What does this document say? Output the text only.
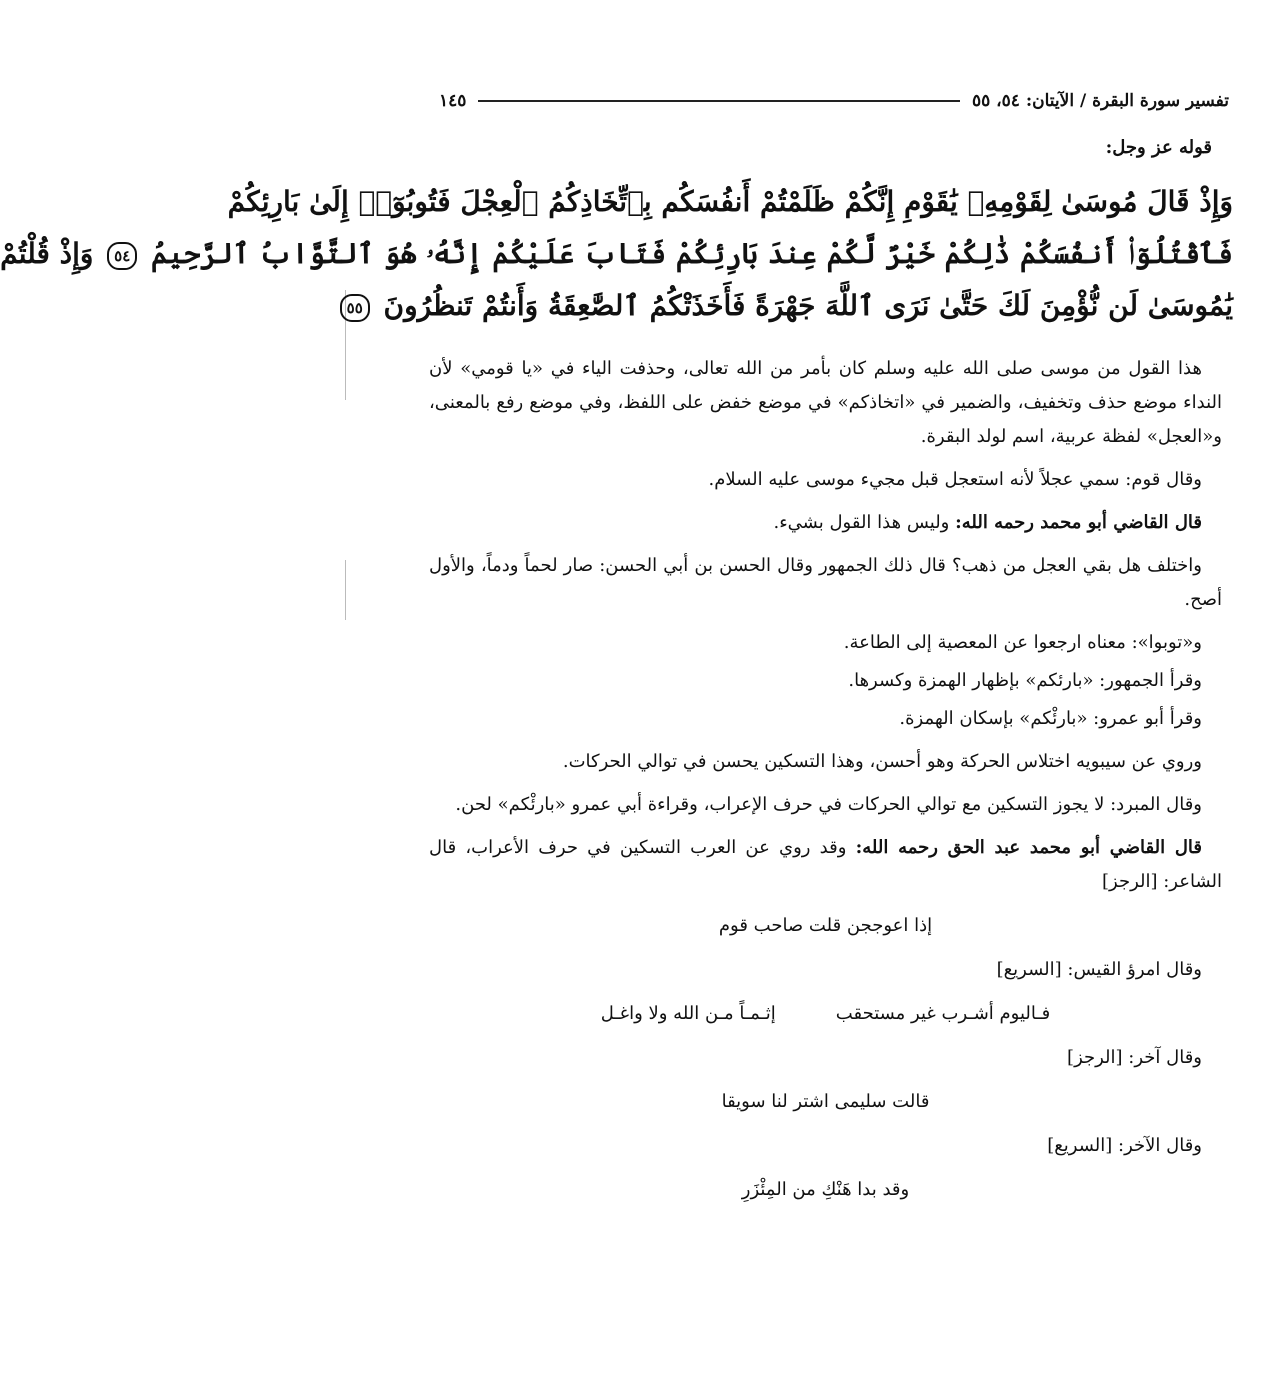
تفسير سورة البقرة / الآيتان: ٥٤، ٥٥
١٤٥
قوله عز وجل:
وَإِذْ قَالَ مُوسَىٰ لِقَوْمِهِۦ يَٰقَوْمِ إِنَّكُمْ ظَلَمْتُمْ أَنفُسَكُم بِٱتِّخَاذِكُمُ ٱلْعِجْلَ فَتُوبُوٓا۟ إِلَىٰ بَارِئِكُمْ
فَٱقْتُلُوٓا۟ أَنفُسَكُمْ ذَٰلِكُمْ خَيْرٌ لَّكُمْ عِندَ بَارِئِكُمْ فَتَابَ عَلَيْكُمْ إِنَّهُۥ هُوَ ٱلتَّوَّابُ ٱلرَّحِيمُ ٥٤ وَإِذْ قُلْتُمْ
يَٰمُوسَىٰ لَن نُّؤْمِنَ لَكَ حَتَّىٰ نَرَى ٱللَّهَ جَهْرَةً فَأَخَذَتْكُمُ ٱلصَّٰعِقَةُ وَأَنتُمْ تَنظُرُونَ ٥٥

هذا القول من موسى صلى الله عليه وسلم كان بأمر من الله تعالى، وحذفت الياء في «يا قومي» لأن النداء موضع حذف وتخفيف، والضمير في «اتخاذكم» في موضع خفض على اللفظ، وفي موضع رفع بالمعنى، و«العجل» لفظة عربية، اسم لولد البقرة.

وقال قوم: سمي عجلاً لأنه استعجل قبل مجيء موسى عليه السلام.

قال القاضي أبو محمد رحمه الله: وليس هذا القول بشيء.

واختلف هل بقي العجل من ذهب؟ قال ذلك الجمهور وقال الحسن بن أبي الحسن: صار لحماً ودماً، والأول أصح.

و«توبوا»: معناه ارجعوا عن المعصية إلى الطاعة.

وقرأ الجمهور: «بارئكم» بإظهار الهمزة وكسرها.

وقرأ أبو عمرو: «بارئْكم» بإسكان الهمزة.

وروي عن سيبويه اختلاس الحركة وهو أحسن، وهذا التسكين يحسن في توالي الحركات.

وقال المبرد: لا يجوز التسكين مع توالي الحركات في حرف الإعراب، وقراءة أبي عمرو «بارئْكم» لحن.

قال القاضي أبو محمد عبد الحق رحمه الله: وقد روي عن العرب التسكين في حرف الأعراب، قال الشاعر: [الرجز]

إذا اعوججن قلت صاحب قوم

وقال امرؤ القيس: [السريع]

فـاليوم أشـرب غير مستحقب
إثـمـاً مـن الله ولا واغـل

وقال آخر: [الرجز]

قالت سليمى اشتر لنا سويقا

وقال الآخر: [السريع]

وقد بدا هَنْكِ من المِئْزَرِ
